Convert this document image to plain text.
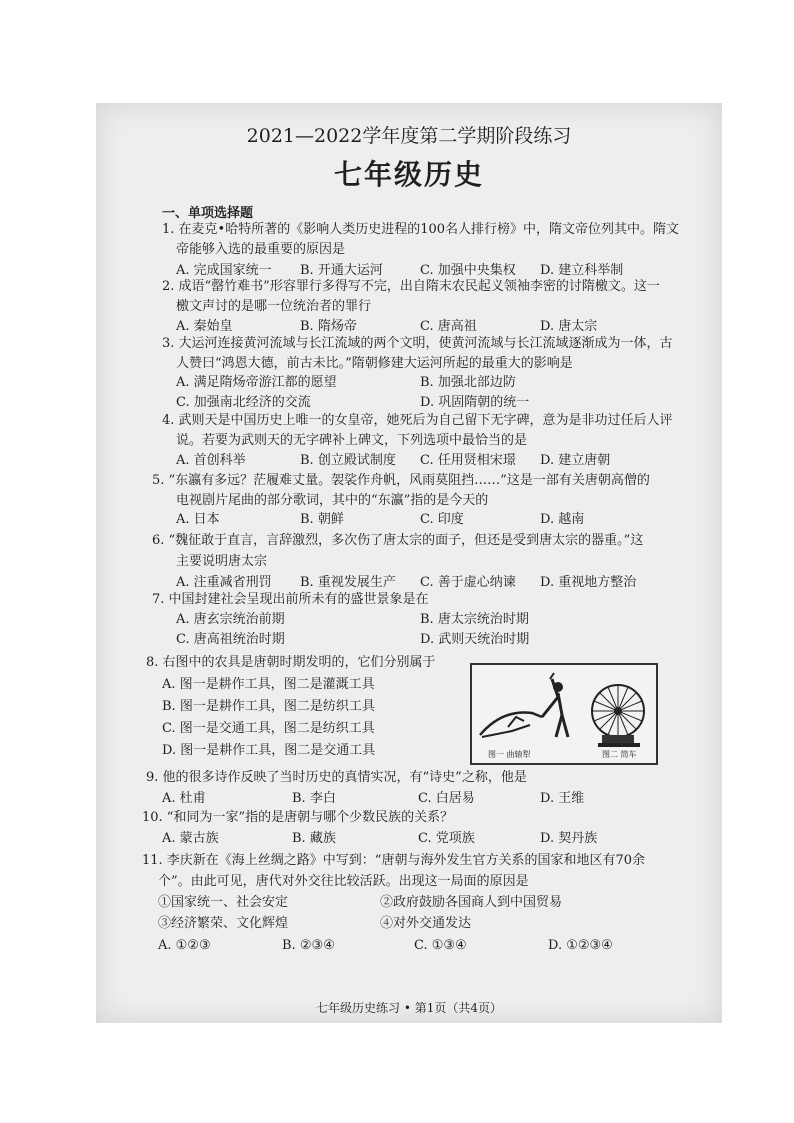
2021—2022学年度第二学期阶段练习
七年级历史
一、单项选择题
1. 在麦克•哈特所著的《影响人类历史进程的100名人排行榜》中，隋文帝位列其中。隋文
帝能够入选的最重要的原因是
A. 完成国家统一 B. 开通大运河	C. 加强中央集权 D. 建立科举制
2. 成语“罄竹难书”形容罪行多得写不完，出自隋末农民起义领袖李密的讨隋檄文。这一
檄文声讨的是哪一位统治者的罪行
A. 秦始皇	B. 隋炀帝	C. 唐高祖	D. 唐太宗
3. 大运河连接黄河流域与长江流域的两个文明，使黄河流域与长江流域逐渐成为一体，古
人赞曰“鸿恩大德，前古未比。”隋朝修建大运河所起的最重大的影响是
A. 满足隋炀帝游江都的愿望	B. 加强北部边防
C. 加强南北经济的交流	D. 巩固隋朝的统一
4. 武则天是中国历史上唯一的女皇帝，她死后为自己留下无字碑，意为是非功过任后人评
说。若要为武则天的无字碑补上碑文，下列选项中最恰当的是
A. 首创科举	B. 创立殿试制度 C. 任用贤相宋璟 D. 建立唐朝
5. “东瀛有多远？茫履难丈量。袈裟作舟帆，风雨莫阻挡……”这是一部有关唐朝高僧的
电视剧片尾曲的部分歌词，其中的“东瀛”指的是今天的
A. 日本	B. 朝鲜	C. 印度	D. 越南
6. “魏征敢于直言，言辞激烈，多次伤了唐太宗的面子，但还是受到唐太宗的器重。”这
主要说明唐太宗
A. 注重减省刑罚 B. 重视发展生产 C. 善于虚心纳谏 D. 重视地方整治
7. 中国封建社会呈现出前所未有的盛世景象是在
A. 唐玄宗统治前期	B. 唐太宗统治时期
C. 唐高祖统治时期	D. 武则天统治时期
8. 右图中的农具是唐朝时期发明的，它们分别属于
A. 图一是耕作工具，图二是灌溉工具
B. 图一是耕作工具，图二是纺织工具
C. 图一是交通工具，图二是纺织工具
D. 图一是耕作工具，图二是交通工具	图一 曲辕犁	图二 筒车
9. 他的很多诗作反映了当时历史的真情实况，有“诗史”之称，他是
A. 杜甫	B. 李白	C. 白居易	D. 王维
10. “和同为一家”指的是唐朝与哪个少数民族的关系？
A. 蒙古族	B. 藏族	C. 党项族	D. 契丹族
11. 李庆新在《海上丝绸之路》中写到：“唐朝与海外发生官方关系的国家和地区有70余
个”。由此可见，唐代对外交往比较活跃。出现这一局面的原因是
①国家统一、社会安定	②政府鼓励各国商人到中国贸易
③经济繁荣、文化辉煌	④对外交通发达
A. ①②③	B. ②③④	C. ①③④	D. ①②③④
七年级历史练习 • 第1页（共4页）
